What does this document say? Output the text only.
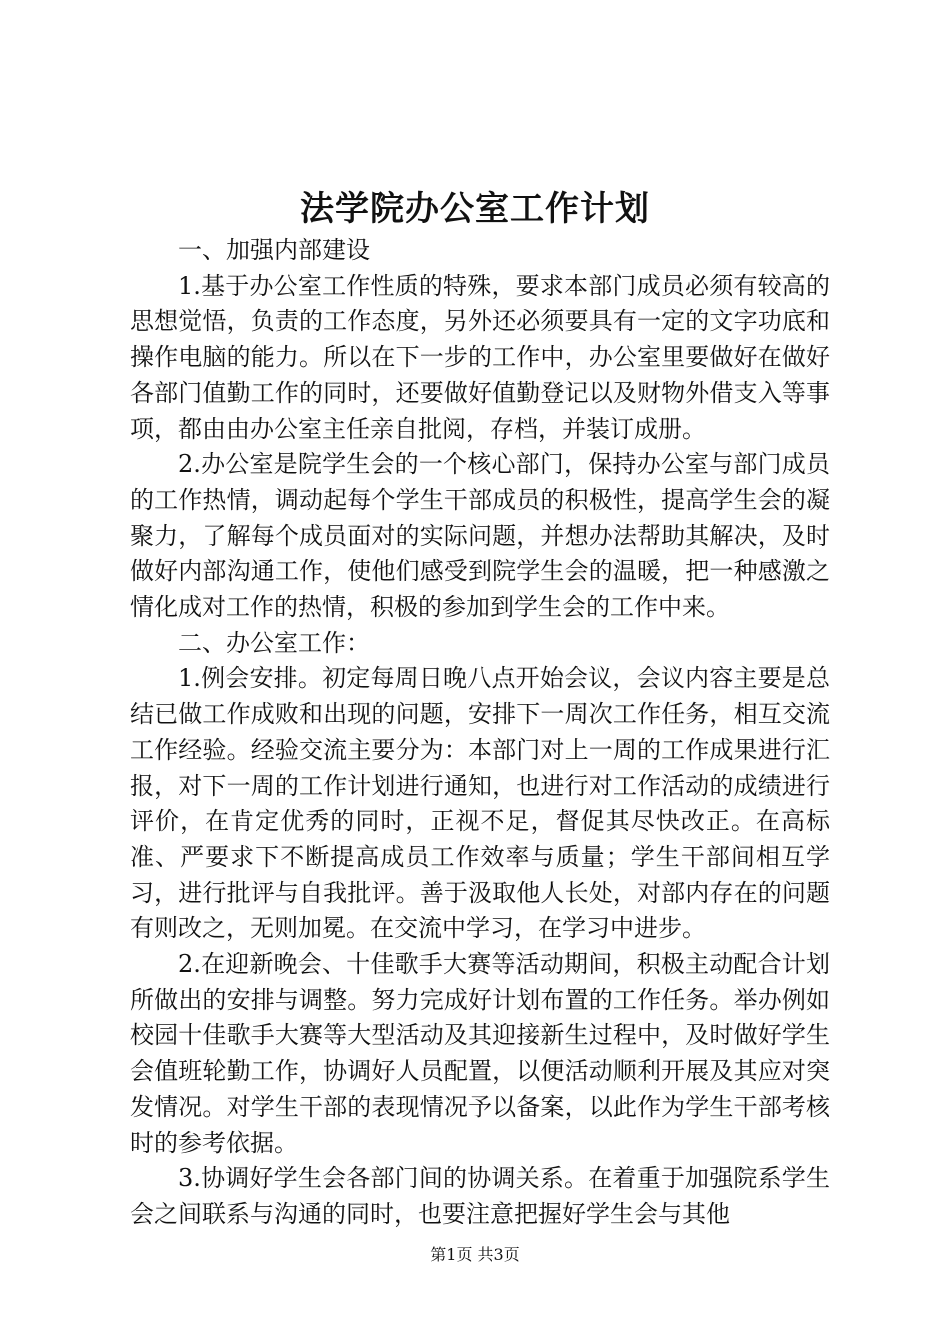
法学院办公室工作计划

一、加强内部建设

1.基于办公室工作性质的特殊，要求本部门成员必须有较高的思想觉悟，负责的工作态度，另外还必须要具有一定的文字功底和操作电脑的能力。所以在下一步的工作中，办公室里要做好在做好各部门值勤工作的同时，还要做好值勤登记以及财物外借支入等事项，都由由办公室主任亲自批阅，存档，并装订成册。

2.办公室是院学生会的一个核心部门，保持办公室与部门成员的工作热情，调动起每个学生干部成员的积极性，提高学生会的凝聚力，了解每个成员面对的实际问题，并想办法帮助其解决，及时做好内部沟通工作，使他们感受到院学生会的温暖，把一种感激之情化成对工作的热情，积极的参加到学生会的工作中来。

二、办公室工作：

1.例会安排。初定每周日晚八点开始会议，会议内容主要是总结已做工作成败和出现的问题，安排下一周次工作任务，相互交流工作经验。经验交流主要分为：本部门对上一周的工作成果进行汇报，对下一周的工作计划进行通知，也进行对工作活动的成绩进行评价，在肯定优秀的同时，正视不足，督促其尽快改正。在高标准、严要求下不断提高成员工作效率与质量；学生干部间相互学习，进行批评与自我批评。善于汲取他人长处，对部内存在的问题有则改之，无则加冕。在交流中学习，在学习中进步。

2.在迎新晚会、十佳歌手大赛等活动期间，积极主动配合计划所做出的安排与调整。努力完成好计划布置的工作任务。举办例如校园十佳歌手大赛等大型活动及其迎接新生过程中，及时做好学生会值班轮勤工作，协调好人员配置，以便活动顺利开展及其应对突发情况。对学生干部的表现情况予以备案，以此作为学生干部考核时的参考依据。

3.协调好学生会各部门间的协调关系。在着重于加强院系学生会之间联系与沟通的同时，也要注意把握好学生会与其他

第1页 共3页
